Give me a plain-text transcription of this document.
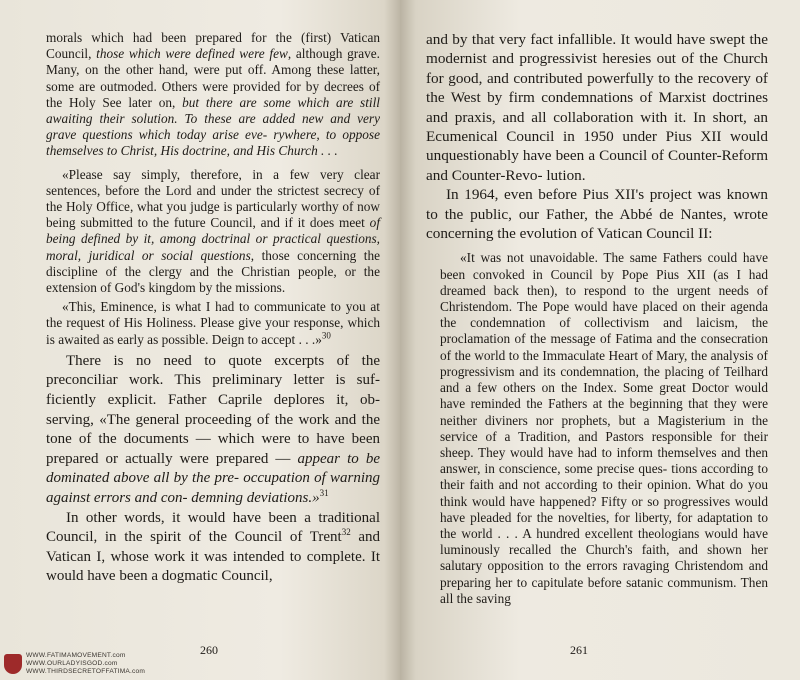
morals which had been prepared for the (first) Vatican Council, those which were defined were few, although grave. Many, on the other hand, were put off. Among these latter, some are outmoded. Others were provided for by decrees of the Holy See later on, but there are some which are still awaiting their solution. To these are added new and very grave questions which today arise eve- rywhere, to oppose themselves to Christ, His doctrine, and His Church . . .

«Please say simply, therefore, in a few very clear sentences, before the Lord and under the strictest secrecy of the Holy Office, what you judge is particularly worthy of now being submitted to the future Council, and if it does meet of being defined by it, among doctrinal or practical questions, moral, juridical or social questions, those concerning the discipline of the clergy and the Christian people, or the extension of God's kingdom by the missions.

«This, Eminence, is what I had to communicate to you at the request of His Holiness. Please give your response, which is awaited as early as possible. Deign to accept . . .»$^{30}$

There is no need to quote excerpts of the preconciliar work. This preliminary letter is suf- ficiently explicit. Father Caprile deplores it, ob- serving, «The general proceeding of the work and the tone of the documents — which were to have been prepared or actually were prepared — appear to be dominated above all by the pre- occupation of warning against errors and con- demning deviations.»$^{31}$

In other words, it would have been a traditional Council, in the spirit of the Council of Trent$^{32}$ and Vatican I, whose work it was intended to complete. It would have been a dogmatic Council,

260
WWW.FATIMAMOVEMENT.com
WWW.OURLADYISGOD.com
WWW.THIRDSECRETOFFATIMA.com

and by that very fact infallible. It would have swept the modernist and progressivist heresies out of the Church for good, and contributed powerfully to the recovery of the West by firm condemnations of Marxist doctrines and praxis, and all collaboration with it. In short, an Ecumenical Council in 1950 under Pius XII would unquestionably have been a Council of Counter-Reform and Counter-Revo- lution.

In 1964, even before Pius XII's project was known to the public, our Father, the Abbé de Nantes, wrote concerning the evolution of Vatican Council II:

«It was not unavoidable. The same Fathers could have been convoked in Council by Pope Pius XII (as I had dreamed back then), to respond to the urgent needs of Christendom. The Pope would have placed on their agenda the condemnation of collectivism and laicism, the proclamation of the message of Fatima and the consecration of the world to the Immaculate Heart of Mary, the analysis of progressivism and its condemnation, the placing of Teilhard and a few others on the Index. Some great Doctor would have reminded the Fathers at the beginning that they were neither diviners nor prophets, but a Magisterium in the service of a Tradition, and Pastors responsible for their sheep. They would have had to inform themselves and then answer, in conscience, some precise ques- tions according to their faith and not according to their opinion. What do you think would have happened? Fifty or so progressives would have pleaded for the novelties, for liberty, for adaptation to the world . . . A hundred excellent theologians would have luminously recalled the Church's faith, and shown her salutary opposition to the errors ravaging Christendom and preparing her to capitulate before satanic communism. Then all the saving

261
